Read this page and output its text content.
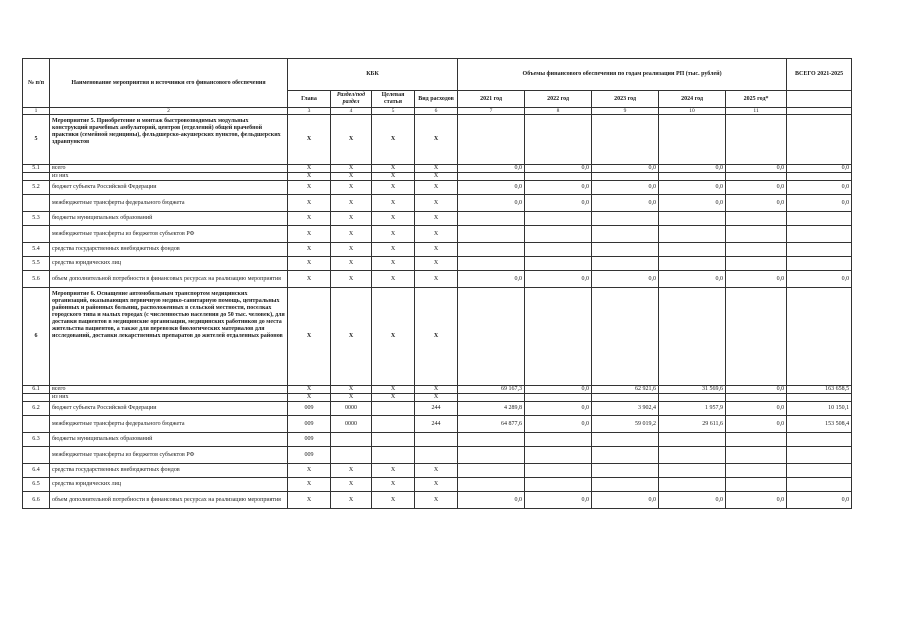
№ п/п	Наименование мероприятия и источники его финансового обеспечения	КБК				Объемы финансового обеспечения по годам реализации РП (тыс. рублей)					ВСЕГО 2021-2025
		Глава	Раздел/под раздел	Целевая статья	Вид расходов	2021 год	2022 год	2023 год	2024 год	2025 год*	
1	2	3	4	5	6	7	8	9	10	11	
5	Мероприятие 5. Приобретение и монтаж быстровозводимых модульных конструкций врачебных амбулаторий, центров (отделений) общей врачебной практики (семейной медицины), фельдшерско-акушерских пунктов, фельдшерских здравпунктов	X	X	X	X						
5.1	всего	X	X	X	X	0,0	0,0	0,0	0,0	0,0	0,0
	из них	X	X	X	X						
5.2	бюджет субъекта Российской Федерации	X	X	X	X	0,0	0,0	0,0	0,0	0,0	0,0
	межбюджетные трансферты федерального бюджета	X	X	X	X	0,0	0,0	0,0	0,0	0,0	0,0
5.3	бюджеты муниципальных образований	X	X	X	X						
	межбюджетные трансферты из бюджетов субъектов РФ	X	X	X	X						
5.4	средства государственных внебюджетных фондов	X	X	X	X						
5.5	средства юридических лиц	X	X	X	X						
5.6	объем дополнительной потребности в финансовых ресурсах на реализацию мероприятия	X	X	X	X	0,0	0,0	0,0	0,0	0,0	0,0
6	Мероприятие 6. Оснащение автомобильным транспортом медицинских организаций, оказывающих первичную медико-санитарную помощь, центральных районных и районных больниц, расположенных в сельской местности, поселках городского типа и малых городах (с численностью населения до 50 тыс. человек), для доставки пациентов в медицинские организации, медицинских работников до места жительства пациентов, а также для перевозки биологических материалов для исследований, доставки лекарственных препаратов до жителей отдаленных районов	X	X	X	X						
6.1	всего	X	X	X	X	69 167,3	0,0	62 921,6	31 569,6	0,0	163 658,5
	из них	X	X	X	X						
6.2	бюджет субъекта Российской Федерации	009	0000		244	4 289,8	0,0	3 902,4	1 957,9	0,0	10 150,1
	межбюджетные трансферты федерального бюджета	009	0000		244	64 877,6	0,0	59 019,2	29 611,6	0,0	153 508,4
6.3	бюджеты муниципальных образований	009									
	межбюджетные трансферты из бюджетов субъектов РФ	009									
6.4	средства государственных внебюджетных фондов	X	X	X	X						
6.5	средства юридических лиц	X	X	X	X						
6.6	объем дополнительной потребности в финансовых ресурсах на реализацию мероприятия	X	X	X	X	0,0	0,0	0,0	0,0	0,0	0,0
